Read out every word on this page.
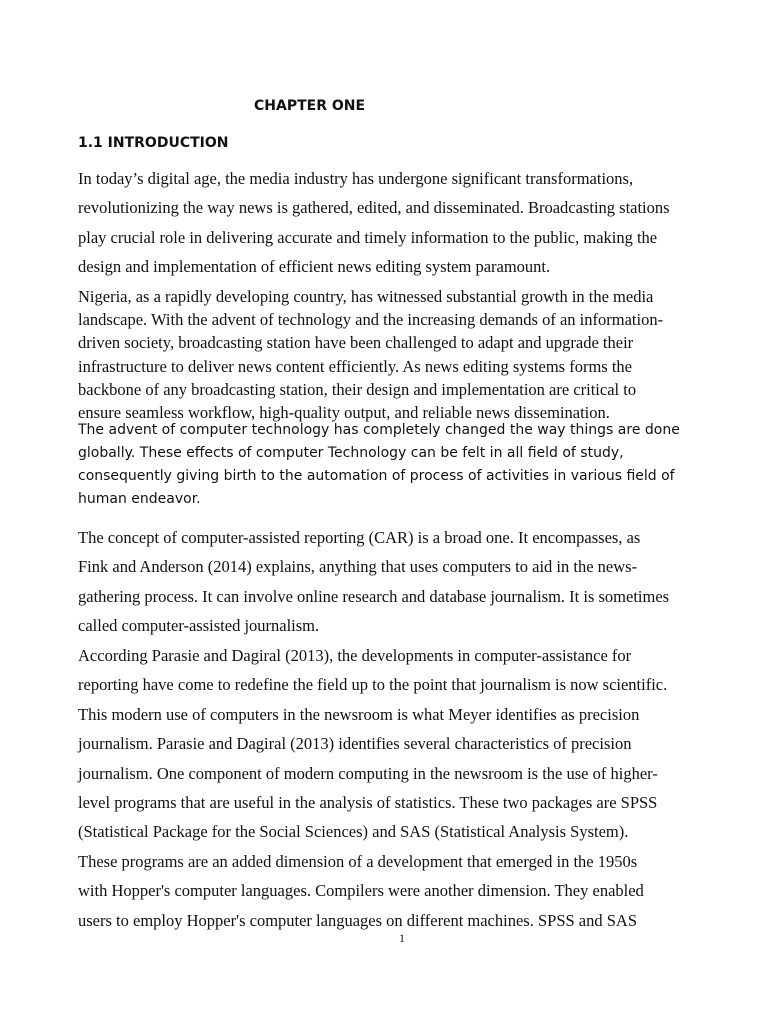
CHAPTER ONE
1.1 INTRODUCTION

In today’s digital age, the media industry has undergone significant transformations,
revolutionizing the way news is gathered, edited, and disseminated. Broadcasting stations
play crucial role in delivering accurate and timely information to the public, making the
design and implementation of efficient news editing system paramount.

Nigeria, as a rapidly developing country, has witnessed substantial growth in the media
landscape. With the advent of technology and the increasing demands of an information-
driven society, broadcasting station have been challenged to adapt and upgrade their
infrastructure to deliver news content efficiently. As news editing systems forms the
backbone of any broadcasting station, their design and implementation are critical to
ensure seamless workflow, high-quality output, and reliable news dissemination.

The advent of computer technology has completely changed the way things are done
globally. These effects of computer Technology can be felt in all field of study,
consequently giving birth to the automation of process of activities in various field of
human endeavor.

The concept of computer-assisted reporting (CAR) is a broad one. It encompasses, as
Fink and Anderson (2014) explains, anything that uses computers to aid in the news-
gathering process. It can involve online research and database journalism. It is sometimes
called computer-assisted journalism.

According Parasie and Dagiral (2013), the developments in computer-assistance for
reporting have come to redefine the field up to the point that journalism is now scientific.
This modern use of computers in the newsroom is what Meyer identifies as precision
journalism. Parasie and Dagiral (2013) identifies several characteristics of precision
journalism. One component of modern computing in the newsroom is the use of higher-
level programs that are useful in the analysis of statistics. These two packages are SPSS
(Statistical Package for the Social Sciences) and SAS (Statistical Analysis System).
These programs are an added dimension of a development that emerged in the 1950s
with Hopper's computer languages. Compilers were another dimension. They enabled
users to employ Hopper's computer languages on different machines. SPSS and SAS

1
